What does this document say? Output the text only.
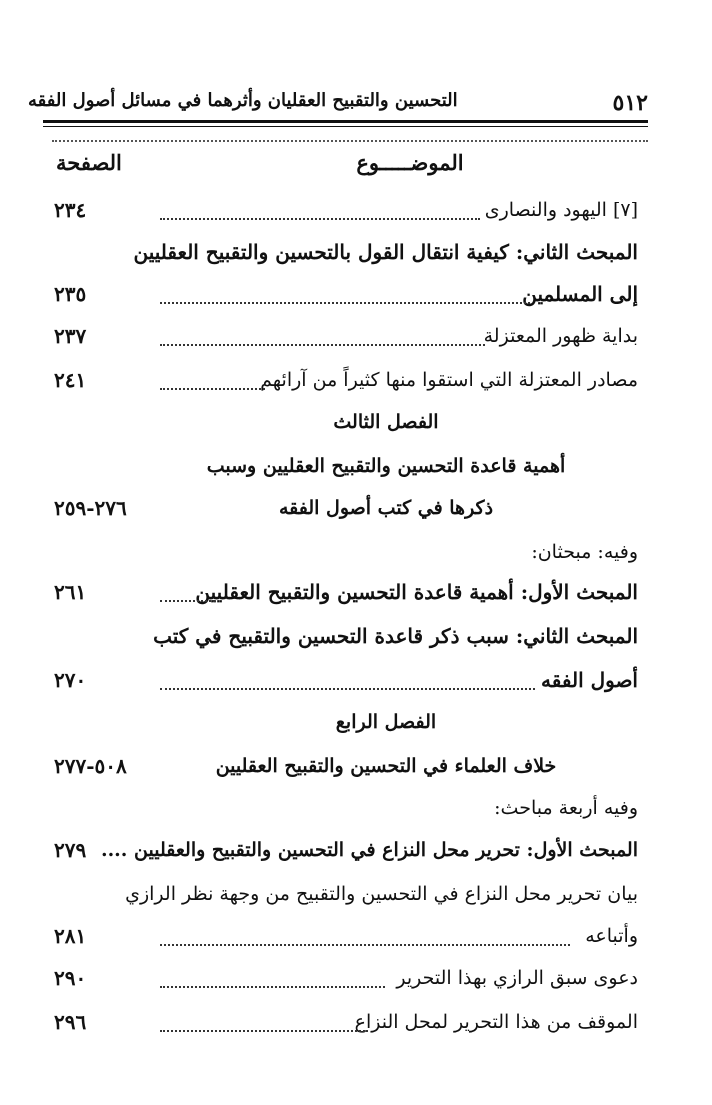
٥١٢
التحسين والتقبيح العقليان وأثرهما في مسائل أصول الفقه
الموضـــــوع
الصفحة
[٧] اليهود والنصارى
٢٣٤
المبحث الثاني: كيفية انتقال القول بالتحسين والتقبيح العقليين
إلى المسلمين
٢٣٥
بداية ظهور المعتزلة
٢٣٧
مصادر المعتزلة التي استقوا منها كثيراً من آرائهم
٢٤١
الفصل الثالث
أهمية قاعدة التحسين والتقبيح العقليين وسبب
ذكرها في كتب أصول الفقه
٢٧٦-٢٥٩
وفيه: مبحثان:
المبحث الأول: أهمية قاعدة التحسين والتقبيح العقليين
٢٦١
المبحث الثاني: سبب ذكر قاعدة التحسين والتقبيح في كتب
أصول الفقه
٢٧٠
الفصل الرابع
خلاف العلماء في التحسين والتقبيح العقليين
٥٠٨-٢٧٧
وفيه أربعة مباحث:
المبحث الأول: تحرير محل النزاع في التحسين والتقبيح والعقليين ....
٢٧٩
بيان تحرير محل النزاع في التحسين والتقبيح من وجهة نظر الرازي
وأتباعه
٢٨١
دعوى سبق الرازي بهذا التحرير
٢٩٠
الموقف من هذا التحرير لمحل النزاع
٢٩٦
